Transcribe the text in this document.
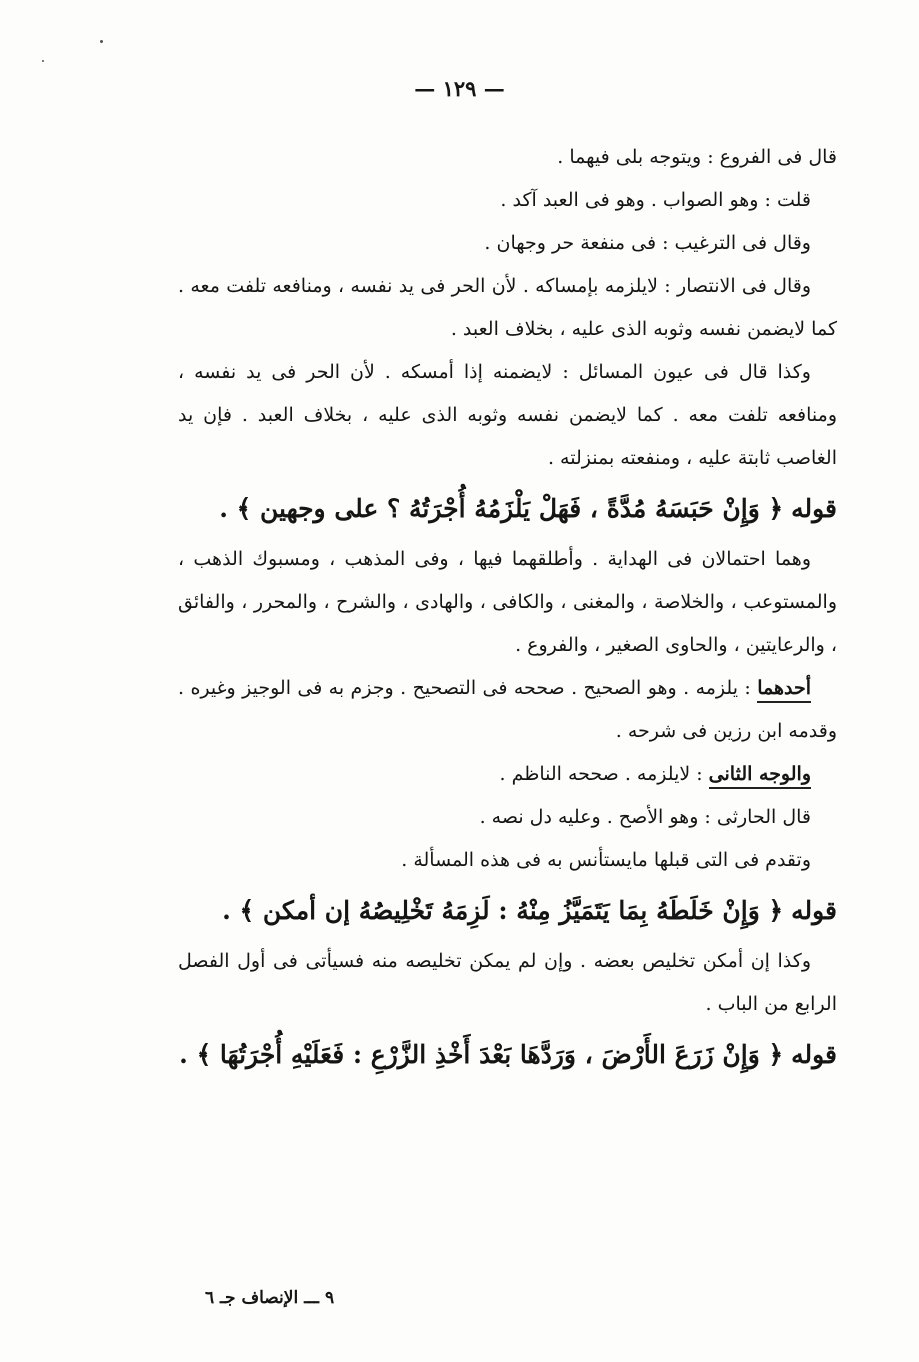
— ١٢٩ —

قال فى الفروع : ويتوجه بلى فيهما .

قلت : وهو الصواب . وهو فى العبد آكد .

وقال فى الترغيب : فى منفعة حر وجهان .

وقال فى الانتصار : لايلزمه بإمساكه . لأن الحر فى يد نفسه ، ومنافعه تلفت معه . كما لايضمن نفسه وثوبه الذى عليه ، بخلاف العبد .

وكذا قال فى عيون المسائل : لايضمنه إذا أمسكه . لأن الحر فى يد نفسه ، ومنافعه تلفت معه . كما لايضمن نفسه وثوبه الذى عليه ، بخلاف العبد . فإن يد الغاصب ثابتة عليه ، ومنفعته بمنزلته .

قوله ﴿ وَإِنْ حَبَسَهُ مُدَّةً ، فَهَلْ يَلْزَمُهُ أُجْرَتُهُ ؟ على وجهين ﴾ .

وهما احتمالان فى الهداية . وأطلقهما فيها ، وفى المذهب ، ومسبوك الذهب ، والمستوعب ، والخلاصة ، والمغنى ، والكافى ، والهادى ، والشرح ، والمحرر ، والفائق ، والرعايتين ، والحاوى الصغير ، والفروع .

أحدهما : يلزمه . وهو الصحيح . صححه فى التصحيح . وجزم به فى الوجيز وغيره . وقدمه ابن رزين فى شرحه .

والوجه الثانى : لايلزمه . صححه الناظم .

قال الحارثى : وهو الأصح . وعليه دل نصه .

وتقدم فى التى قبلها مايستأنس به فى هذه المسألة .

قوله ﴿ وَإِنْ خَلَطَهُ بِمَا يَتَمَيَّزُ مِنْهُ : لَزِمَهُ تَخْلِيصُهُ إن أمكن ﴾ .

وكذا إن أمكن تخليص بعضه . وإن لم يمكن تخليصه منه فسيأتى فى أول الفصل الرابع من الباب .

قوله ﴿ وَإِنْ زَرَعَ الأَرْضَ ، وَرَدَّهَا بَعْدَ أَخْذِ الزَّرْعِ : فَعَلَيْهِ أُجْرَتُهَا ﴾ .

٩ ـــ الإنصاف جـ ٦
